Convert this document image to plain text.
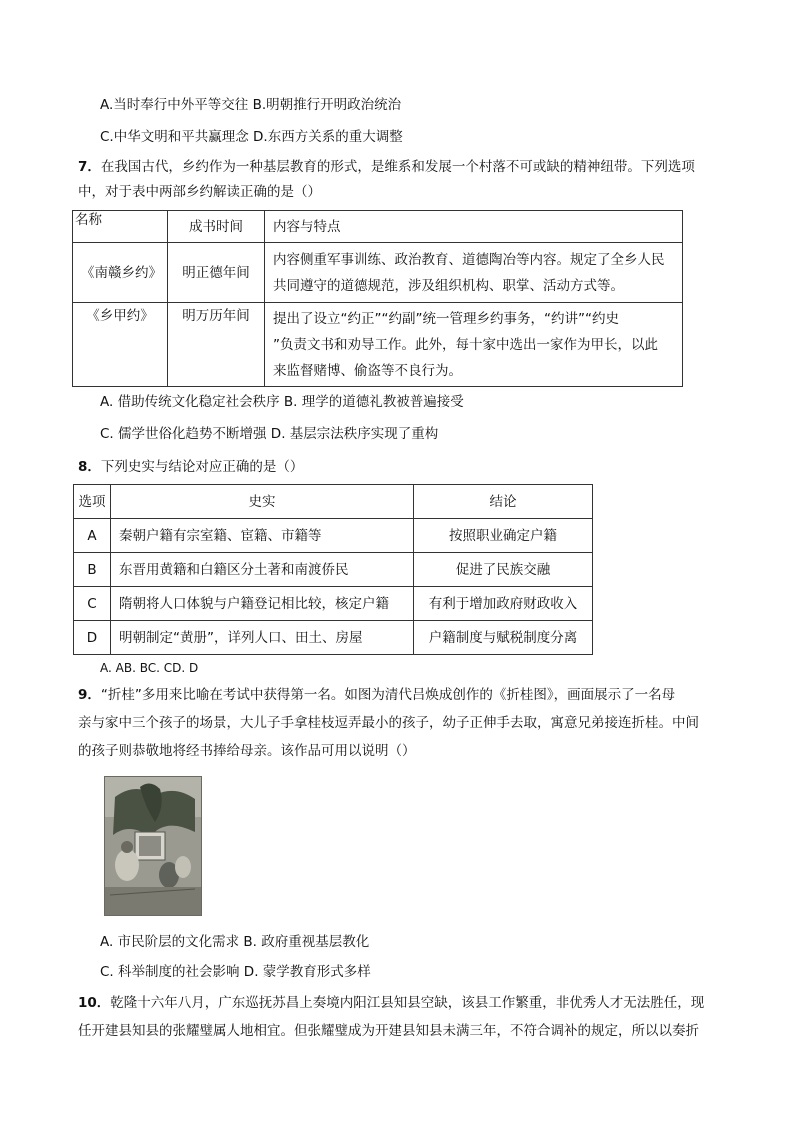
A.当时奉行中外平等交往 B.明朝推行开明政治统治
C.中华文明和平共赢理念 D.东西方关系的重大调整
7．在我国古代，乡约作为一种基层教育的形式，是维系和发展一个村落不可或缺的精神纽带。下列选项
中，对于表中两部乡约解读正确的是（）
名称	成书时间	内容与特点
《南赣乡约》	明正德年间	内容侧重军事训练、政治教育、道德陶冶等内容。规定了全乡人民
共同遵守的道德规范，涉及组织机构、职掌、活动方式等。

《乡甲约》	明万历年间	提出了设立“约正”“约副”统一管理乡约事务，“约讲”“约史
”负责文书和劝导工作。此外，每十家中选出一家作为甲长，以此
来监督赌博、偷盗等不良行为。
A. 借助传统文化稳定社会秩序 B. 理学的道德礼教被普遍接受
C. 儒学世俗化趋势不断增强 D. 基层宗法秩序实现了重构
8．下列史实与结论对应正确的是（）
选项	史实	结论
A	秦朝户籍有宗室籍、宦籍、市籍等	按照职业确定户籍
B	东晋用黄籍和白籍区分土著和南渡侨民	促进了民族交融
C	隋朝将人口体貌与户籍登记相比较，核定户籍	有利于增加政府财政收入
D	明朝制定“黄册”，详列人口、田土、房屋	户籍制度与赋税制度分离
A. AB. BC. CD. D
9．“折桂”多用来比喻在考试中获得第一名。如图为清代吕焕成创作的《折桂图》，画面展示了一名母
亲与家中三个孩子的场景，大儿子手拿桂枝逗弄最小的孩子，幼子正伸手去取，寓意兄弟接连折桂。中间
的孩子则恭敬地将经书捧给母亲。该作品可用以说明（）
A. 市民阶层的文化需求 B. 政府重视基层教化
C. 科举制度的社会影响 D. 蒙学教育形式多样
10．乾隆十六年八月，广东巡抚苏昌上奏境内阳江县知县空缺，该县工作繁重，非优秀人才无法胜任，现
任开建县知县的张耀璧属人地相宜。但张耀璧成为开建县知县未满三年，不符合调补的规定，所以以奏折
